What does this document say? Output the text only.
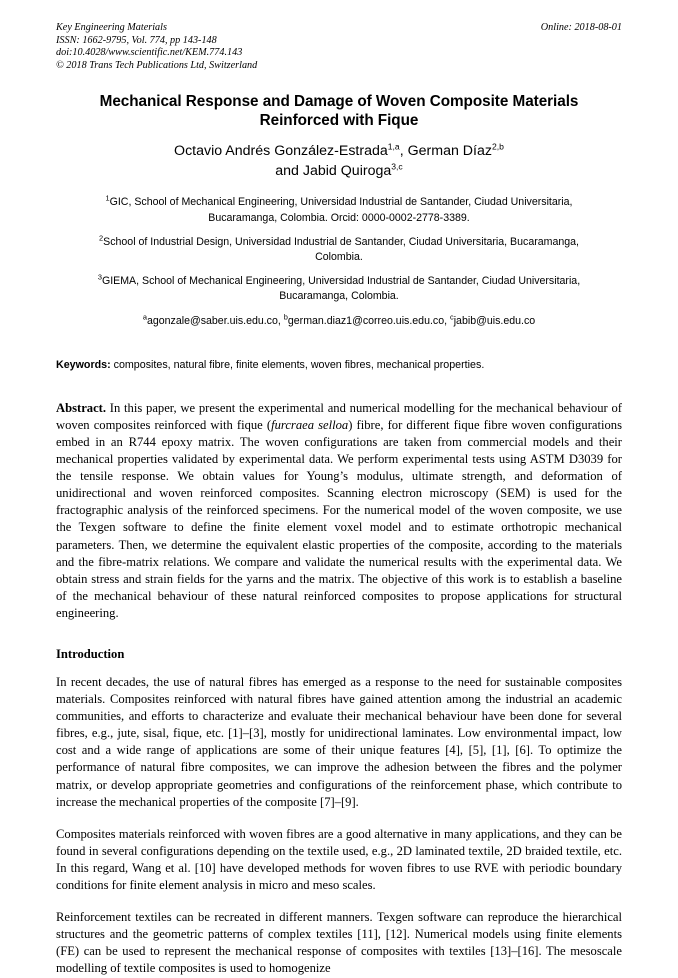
Key Engineering Materials
ISSN: 1662-9795, Vol. 774, pp 143-148
doi:10.4028/www.scientific.net/KEM.774.143
© 2018 Trans Tech Publications Ltd, Switzerland
Online: 2018-08-01
Mechanical Response and Damage of Woven Composite Materials Reinforced with Fique
Octavio Andrés González-Estrada$^{1,a}$, German Díaz$^{2,b}$
and Jabid Quiroga$^{3,c}$
$^1$GIC, School of Mechanical Engineering, Universidad Industrial de Santander, Ciudad Universitaria, Bucaramanga, Colombia. Orcid: 0000-0002-2778-3389.
$^2$School of Industrial Design, Universidad Industrial de Santander, Ciudad Universitaria, Bucaramanga, Colombia.
$^3$GIEMA, School of Mechanical Engineering, Universidad Industrial de Santander, Ciudad Universitaria, Bucaramanga, Colombia.
$^a$agonzale@saber.uis.edu.co, $^b$german.diaz1@correo.uis.edu.co, $^c$jabib@uis.edu.co
Keywords: composites, natural fibre, finite elements, woven fibres, mechanical properties.
Abstract. In this paper, we present the experimental and numerical modelling for the mechanical behaviour of woven composites reinforced with fique (furcraea selloa) fibre, for different fique fibre woven configurations embed in an R744 epoxy matrix. The woven configurations are taken from commercial models and their mechanical properties validated by experimental data. We perform experimental tests using ASTM D3039 for the tensile response. We obtain values for Young’s modulus, ultimate strength, and deformation of unidirectional and woven reinforced composites. Scanning electron microscopy (SEM) is used for the fractographic analysis of the reinforced specimens. For the numerical model of the woven composite, we use the Texgen software to define the finite element voxel model and to estimate orthotropic mechanical parameters. Then, we determine the equivalent elastic properties of the composite, according to the materials and the fibre-matrix relations. We compare and validate the numerical results with the experimental data. We obtain stress and strain fields for the yarns and the matrix. The objective of this work is to establish a baseline of the mechanical behaviour of these natural reinforced composites to propose applications for structural engineering.
Introduction

In recent decades, the use of natural fibres has emerged as a response to the need for sustainable composites materials. Composites reinforced with natural fibres have gained attention among the industrial an academic communities, and efforts to characterize and evaluate their mechanical behaviour have been done for several fibres, e.g., jute, sisal, fique, etc. [1]–[3], mostly for unidirectional laminates. Low environmental impact, low cost and a wide range of applications are some of their unique features [4], [5], [1], [6]. To optimize the performance of natural fibre composites, we can improve the adhesion between the fibres and the polymer matrix, or develop appropriate geometries and configurations of the reinforcement phase, which contribute to increase the mechanical properties of the composite [7]–[9].

Composites materials reinforced with woven fibres are a good alternative in many applications, and they can be found in several configurations depending on the textile used, e.g., 2D laminated textile, 2D braided textile, etc. In this regard, Wang et al. [10] have developed methods for woven fibres to use RVE with periodic boundary conditions for finite element analysis in micro and meso scales.

Reinforcement textiles can be recreated in different manners. Texgen software can reproduce the hierarchical structures and the geometric patterns of complex textiles [11], [12]. Numerical models using finite elements (FE) can be used to represent the mechanical response of composites with textiles [13]–[16]. The mesoscale modelling of textile composites is used to homogenize
